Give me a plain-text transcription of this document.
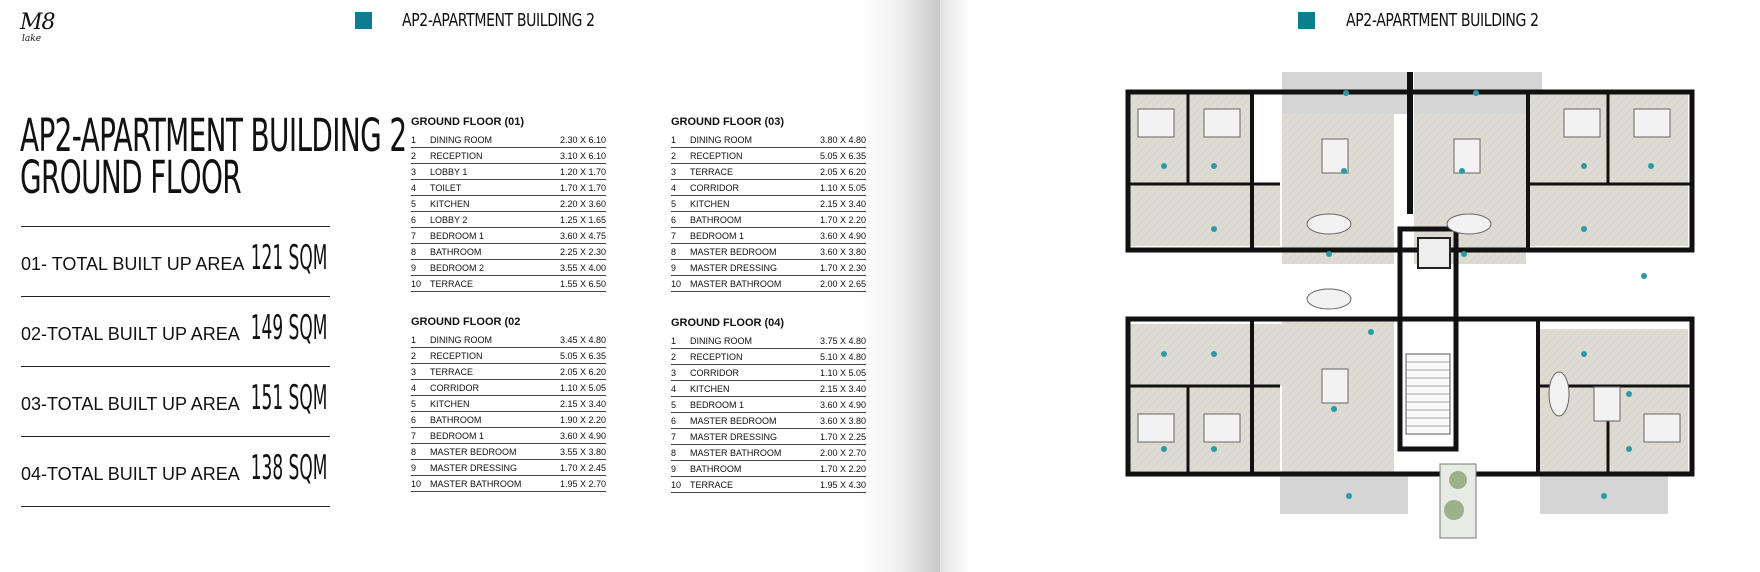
M8
lake
AP2-APARTMENT BUILDING 2
AP2-APARTMENT BUILDING 2
GROUND FLOOR
01- TOTAL BUILT UP AREA 121 SQM
02-TOTAL BUILT UP AREA 149 SQM
03-TOTAL BUILT UP AREA 151 SQM
04-TOTAL BUILT UP AREA 138 SQM
GROUND FLOOR (01)
1 DINING ROOM	2.30 X 6.10
2 RECEPTION	3.10 X 6.10
3 LOBBY 1	1.20 X 1.70
4 TOILET	1.70 X 1.70
5 KITCHEN	2.20 X 3.60
6 LOBBY 2	1.25 X 1.65
7 BEDROOM 1	3.60 X 4.75
8 BATHROOM	2.25 X 2.30
9 BEDROOM 2	3.55 X 4.00
10 TERRACE	1.55 X 6.50
GROUND FLOOR (02
1 DINING ROOM	3.45 X 4.80
2 RECEPTION	5.05 X 6.35
3 TERRACE	2.05 X 6.20
4 CORRIDOR	1.10 X 5.05
5 KITCHEN	2.15 X 3.40
6 BATHROOM	1.90 X 2.20
7 BEDROOM 1	3.60 X 4.90
8 MASTER BEDROOM	3.55 X 3.80
9 MASTER DRESSING	1.70 X 2.45
10 MASTER BATHROOM	1.95 X 2.70
GROUND FLOOR (03)
1 DINING ROOM	3.80 X 4.80
2 RECEPTION	5.05 X 6.35
3 TERRACE	2.05 X 6.20
4 CORRIDOR	1.10 X 5.05
5 KITCHEN	2.15 X 3.40
6 BATHROOM	1.70 X 2.20
7 BEDROOM 1	3.60 X 4.90
8 MASTER BEDROOM	3.60 X 3.80
9 MASTER DRESSING	1.70 X 2.30
10 MASTER BATHROOM	2.00 X 2.65
GROUND FLOOR (04)
1 DINING ROOM	3.75 X 4.80
2 RECEPTION	5.10 X 4.80
3 CORRIDOR	1.10 X 5.05
4 KITCHEN	2.15 X 3.40
5 BEDROOM 1	3.60 X 4.90
6 MASTER BEDROOM	3.60 X 3.80
7 MASTER DRESSING	1.70 X 2.25
8 MASTER BATHROOM	2.00 X 2.70
9 BATHROOM	1.70 X 2.20
10 TERRACE	1.95 X 4.30
AP2-APARTMENT BUILDING 2
